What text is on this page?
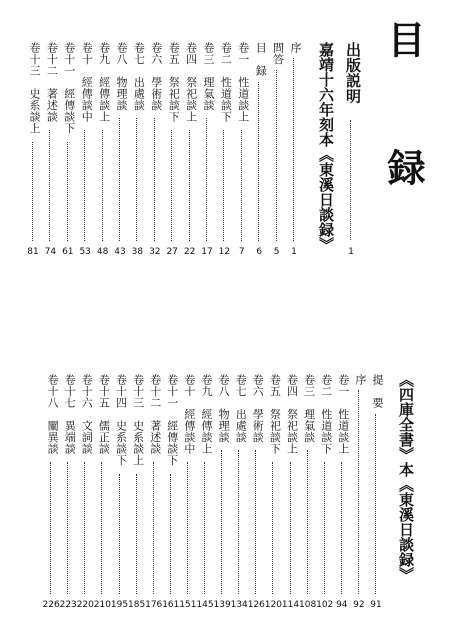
目　録
出版説明
1
嘉靖十六年刻本《東溪日談録》
序
1
問答
5
目　録
6
卷一　性道談上
7
卷二　性道談下
12
卷三　理氣談
17
卷四　祭祀談上
22
卷五　祭祀談下
27
卷六　學術談
32
卷七　出處談
38
卷八　物理談
43
卷九　經傳談上
48
卷十　經傳談中
53
卷十一　經傳談下
61
卷十二　著述談
74
卷十三　史系談上
81
《四庫全書》本《東溪日談録》
提　要
91
序
92
卷一　性道談上
94
卷二　性道談下
102
卷三　理氣談
108
卷四　祭祀談上
114
卷五　祭祀談下
120
卷六　學術談
126
卷七　出處談
134
卷八　物理談
139
卷九　經傳談上
145
卷十　經傳談中
151
卷十一　經傳談下
161
卷十二　著述談
176
卷十三　史系談上
185
卷十四　史系談下
195
卷十五　儒正談
210
卷十六　文詞談
220
卷十七　異端談
223
卷十八　闡異談
226
